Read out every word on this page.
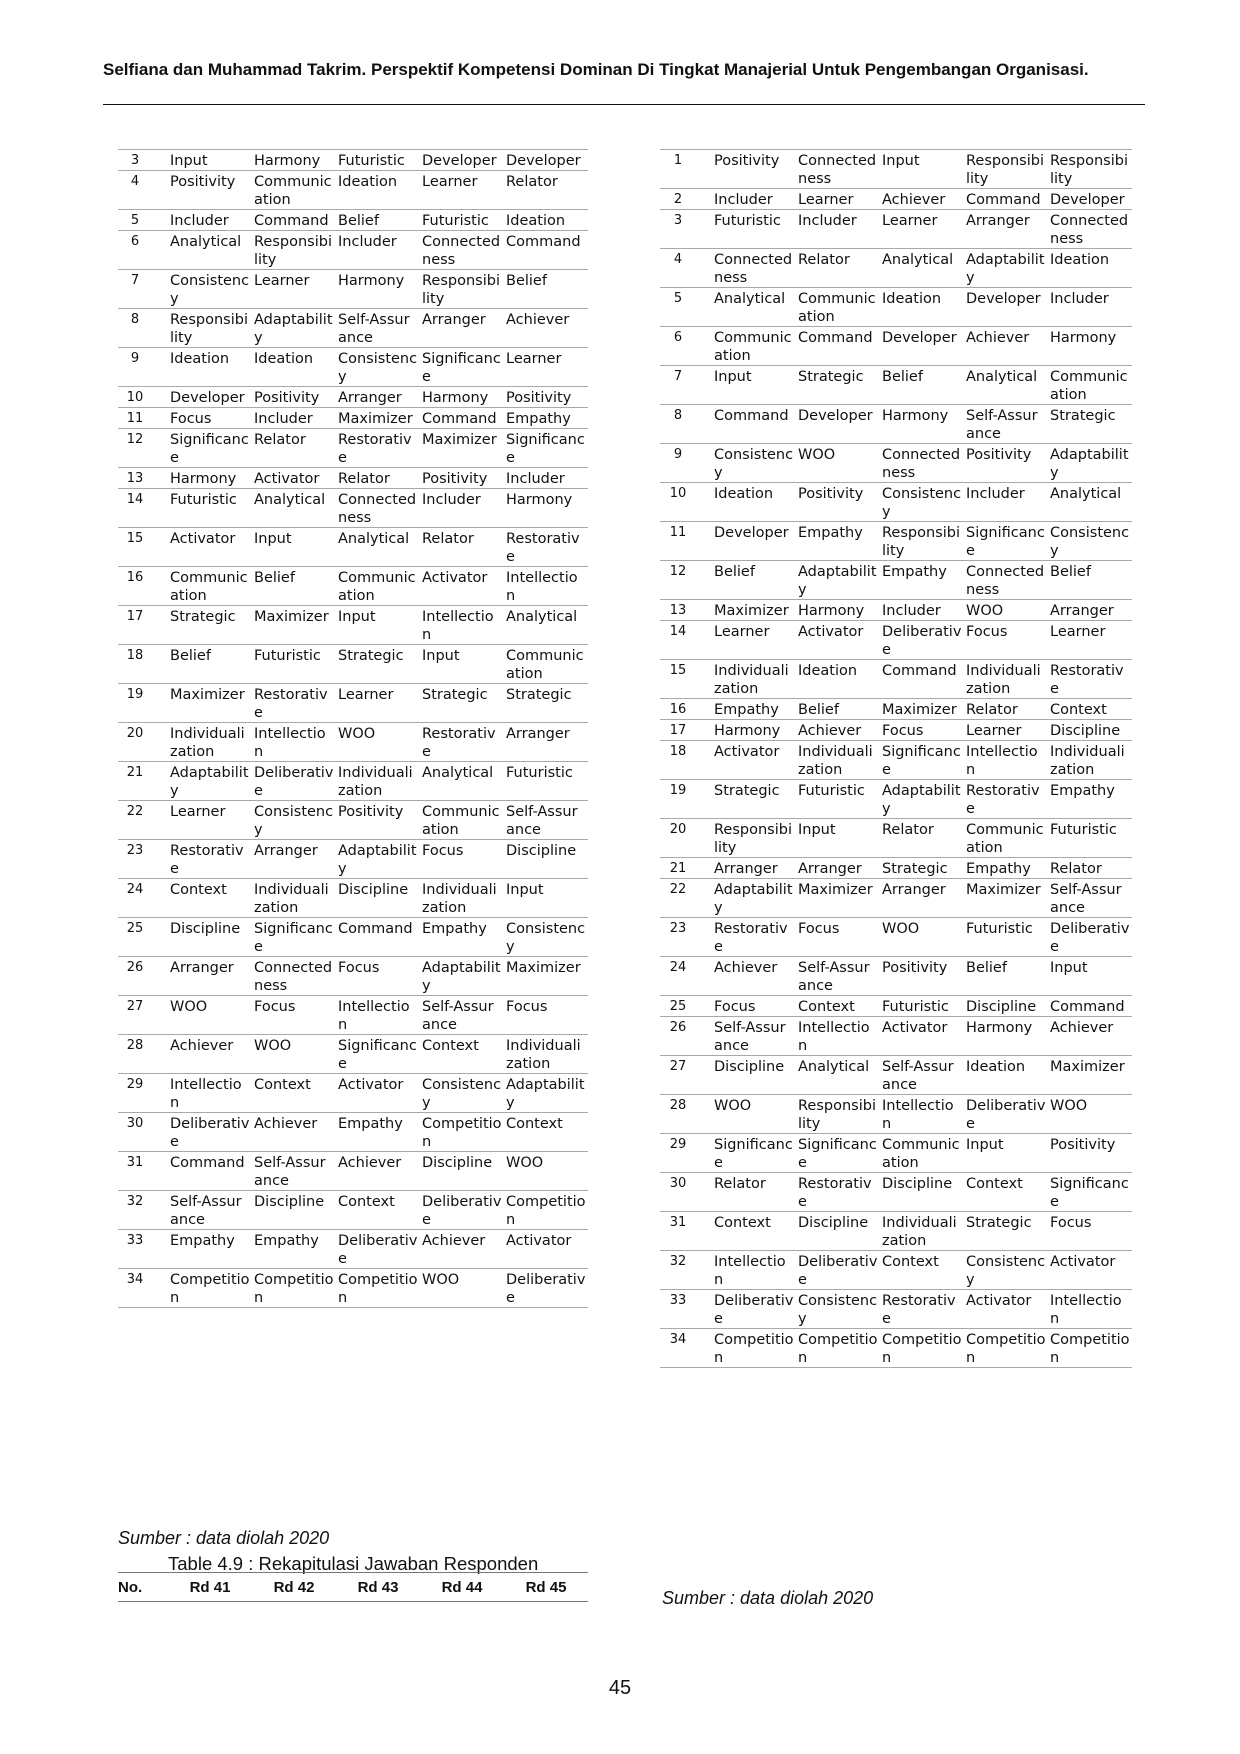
Selfiana dan Muhammad Takrim. Perspektif Kompetensi Dominan Di Tingkat Manajerial Untuk Pengembangan Organisasi.
3	Input	Harmony	Futuristic	Developer	Developer
4	Positivity	Communication	Ideation	Learner	Relator
5	Includer	Command	Belief	Futuristic	Ideation
6	Analytical	Responsibility	Includer	Connectedness	Command
7	Consistency	Learner	Harmony	Responsibility	Belief
8	Responsibility	Adaptability	Self-Assurance	Arranger	Achiever
9	Ideation	Ideation	Consistency	Significance	Learner
10	Developer	Positivity	Arranger	Harmony	Positivity
11	Focus	Includer	Maximizer	Command	Empathy
12	Significance	Relator	Restorative	Maximizer	Significance
13	Harmony	Activator	Relator	Positivity	Includer
14	Futuristic	Analytical	Connectedness	Includer	Harmony
15	Activator	Input	Analytical	Relator	Restorative
16	Communication	Belief	Communication	Activator	Intellection
17	Strategic	Maximizer	Input	Intellection	Analytical
18	Belief	Futuristic	Strategic	Input	Communication
19	Maximizer	Restorative	Learner	Strategic	Strategic
20	Individualization	Intellection	WOO	Restorative	Arranger
21	Adaptability	Deliberative	Individualization	Analytical	Futuristic
22	Learner	Consistency	Positivity	Communication	Self-Assurance
23	Restorative	Arranger	Adaptability	Focus	Discipline
24	Context	Individualization	Discipline	Individualization	Input
25	Discipline	Significance	Command	Empathy	Consistency
26	Arranger	Connectedness	Focus	Adaptability	Maximizer
27	WOO	Focus	Intellection	Self-Assurance	Focus
28	Achiever	WOO	Significance	Context	Individualization
29	Intellection	Context	Activator	Consistency	Adaptability
30	Deliberative	Achiever	Empathy	Competition	Context
31	Command	Self-Assurance	Achiever	Discipline	WOO
32	Self-Assurance	Discipline	Context	Deliberative	Competition
33	Empathy	Empathy	Deliberative	Achiever	Activator
34	Competition	Competition	Competition	WOO	Deliberative
Sumber : data diolah 2020
Table 4.9 : Rekapitulasi Jawaban Responden
No.	Rd 41	Rd 42	Rd 43	Rd 44	Rd 45
1	Positivity	Connectedness	Input	Responsibility	Responsibility
2	Includer	Learner	Achiever	Command	Developer
3	Futuristic	Includer	Learner	Arranger	Connectedness
4	Connectedness	Relator	Analytical	Adaptability	Ideation
5	Analytical	Communication	Ideation	Developer	Includer
6	Communication	Command	Developer	Achiever	Harmony
7	Input	Strategic	Belief	Analytical	Communication
8	Command	Developer	Harmony	Self-Assurance	Strategic
9	Consistency	WOO	Connectedness	Positivity	Adaptability
10	Ideation	Positivity	Consistency	Includer	Analytical
11	Developer	Empathy	Responsibility	Significance	Consistency
12	Belief	Adaptability	Empathy	Connectedness	Belief
13	Maximizer	Harmony	Includer	WOO	Arranger
14	Learner	Activator	Deliberative	Focus	Learner
15	Individualization	Ideation	Command	Individualization	Restorative
16	Empathy	Belief	Maximizer	Relator	Context
17	Harmony	Achiever	Focus	Learner	Discipline
18	Activator	Individualization	Significance	Intellection	Individualization
19	Strategic	Futuristic	Adaptability	Restorative	Empathy
20	Responsibility	Input	Relator	Communication	Futuristic
21	Arranger	Arranger	Strategic	Empathy	Relator
22	Adaptability	Maximizer	Arranger	Maximizer	Self-Assurance
23	Restorative	Focus	WOO	Futuristic	Deliberative
24	Achiever	Self-Assurance	Positivity	Belief	Input
25	Focus	Context	Futuristic	Discipline	Command
26	Self-Assurance	Intellection	Activator	Harmony	Achiever
27	Discipline	Analytical	Self-Assurance	Ideation	Maximizer
28	WOO	Responsibility	Intellection	Deliberative	WOO
29	Significance	Significance	Communication	Input	Positivity
30	Relator	Restorative	Discipline	Context	Significance
31	Context	Discipline	Individualization	Strategic	Focus
32	Intellection	Deliberative	Context	Consistency	Activator
33	Deliberative	Consistency	Restorative	Activator	Intellection
34	Competition	Competition	Competition	Competition	Competition
Sumber : data diolah 2020
45
